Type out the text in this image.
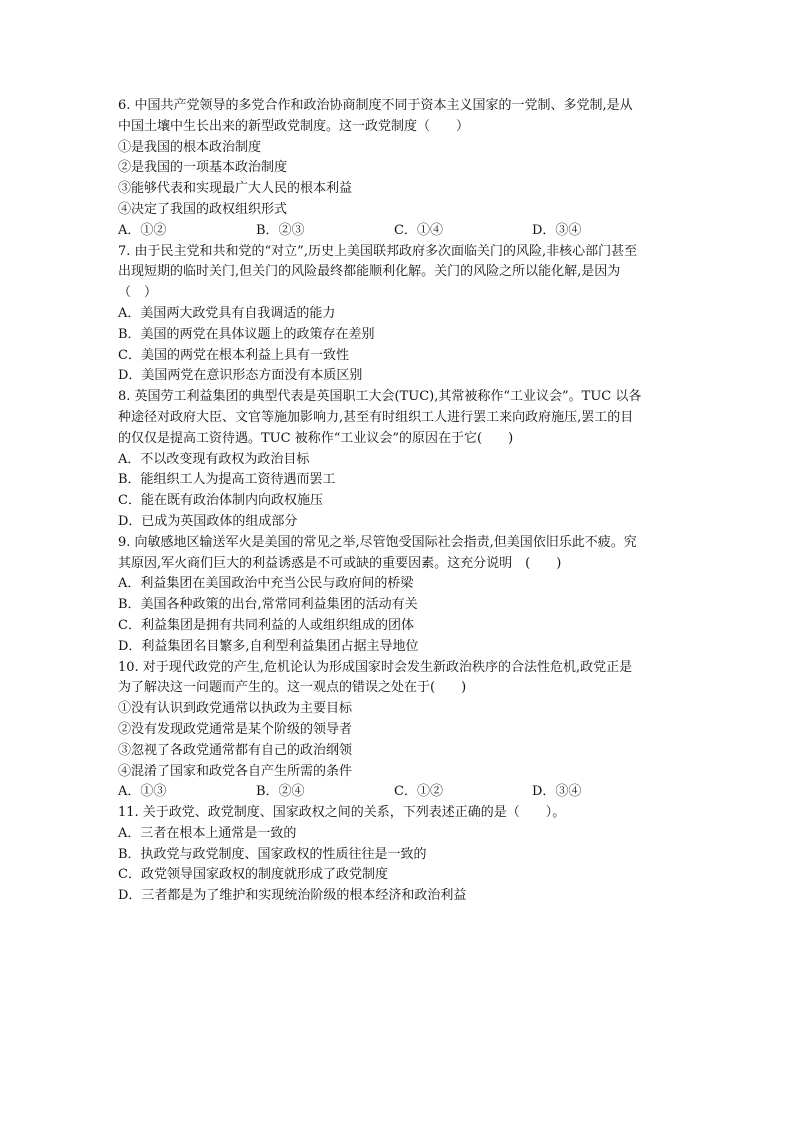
6. 中国共产党领导的多党合作和政治协商制度不同于资本主义国家的一党制、多党制,是从
中国土壤中生长出来的新型政党制度。这一政党制度（　　）
①是我国的根本政治制度
②是我国的一项基本政治制度
③能够代表和实现最广大人民的根本利益
④决定了我国的政权组织形式
A．①②	B．②③	C．①④	D．③④
7. 由于民主党和共和党的“对立”,历史上美国联邦政府多次面临关门的风险,非核心部门甚至
出现短期的临时关门,但关门的风险最终都能顺利化解。关门的风险之所以能化解,是因为
（　）
A．美国两大政党具有自我调适的能力
B．美国的两党在具体议题上的政策存在差别
C．美国的两党在根本利益上具有一致性
D．美国两党在意识形态方面没有本质区别
8. 英国劳工利益集团的典型代表是英国职工大会(TUC),其常被称作“工业议会”。TUC 以各
种途径对政府大臣、文官等施加影响力,甚至有时组织工人进行罢工来向政府施压,罢工的目
的仅仅是提高工资待遇。TUC 被称作“工业议会”的原因在于它(　　)
A．不以改变现有政权为政治目标
B．能组织工人为提高工资待遇而罢工
C．能在既有政治体制内向政权施压
D．已成为英国政体的组成部分
9. 向敏感地区输送军火是美国的常见之举,尽管饱受国际社会指责,但美国依旧乐此不疲。究
其原因,军火商们巨大的利益诱惑是不可或缺的重要因素。这充分说明　(　　)
A．利益集团在美国政治中充当公民与政府间的桥梁
B．美国各种政策的出台,常常同利益集团的活动有关
C．利益集团是拥有共同利益的人或组织组成的团体
D．利益集团名目繁多,自利型利益集团占据主导地位
10. 对于现代政党的产生,危机论认为形成国家时会发生新政治秩序的合法性危机,政党正是
为了解决这一问题而产生的。这一观点的错误之处在于(　　)
①没有认识到政党通常以执政为主要目标
②没有发现政党通常是某个阶级的领导者
③忽视了各政党通常都有自己的政治纲领
④混淆了国家和政党各自产生所需的条件
A．①③	B．②④	C．①②	D．③④
11. 关于政党、政党制度、国家政权之间的关系，下列表述正确的是（　　）。
A．三者在根本上通常是一致的
B．执政党与政党制度、国家政权的性质往往是一致的
C．政党领导国家政权的制度就形成了政党制度
D．三者都是为了维护和实现统治阶级的根本经济和政治利益
